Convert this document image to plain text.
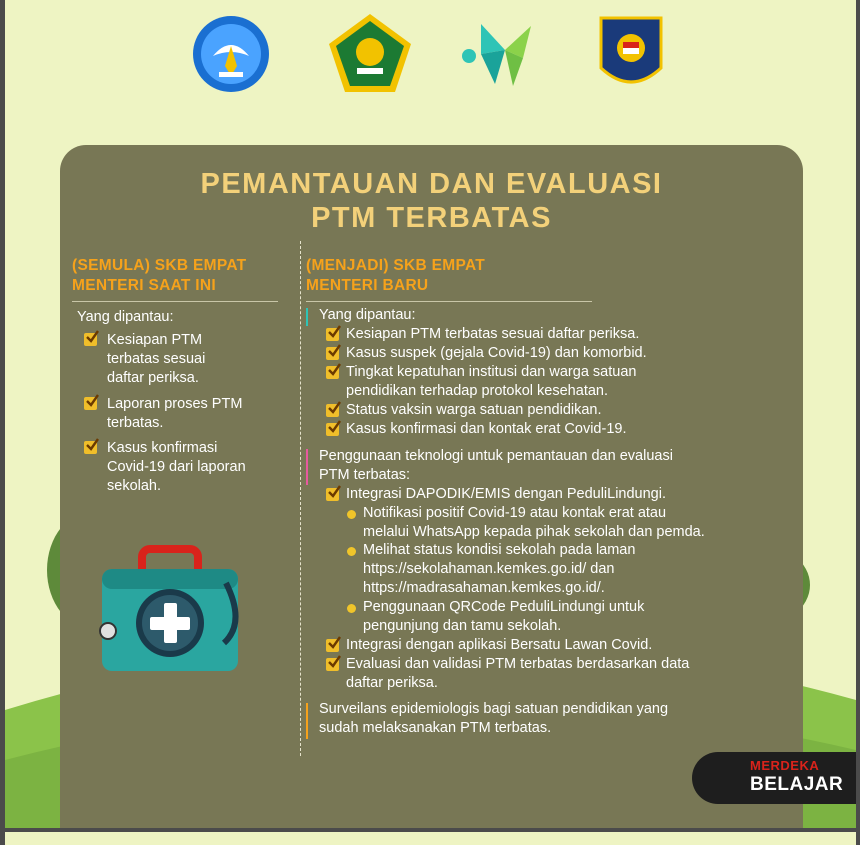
PEMANTAUAN DAN EVALUASI
PTM TERBATAS
(SEMULA) SKB EMPAT
MENTERI SAAT INI
Yang dipantau:
Kesiapan PTM
terbatas sesuai
daftar periksa.
Laporan proses PTM
terbatas.
Kasus konfirmasi
Covid-19 dari laporan
sekolah.
(MENJADI) SKB EMPAT
MENTERI BARU
Yang dipantau:
Kesiapan PTM terbatas sesuai daftar periksa.
Kasus suspek (gejala Covid-19) dan komorbid.
Tingkat kepatuhan institusi dan warga satuan
pendidikan terhadap protokol kesehatan.
Status vaksin warga satuan pendidikan.
Kasus konfirmasi dan kontak erat Covid-19.
Penggunaan teknologi untuk pemantauan dan evaluasi
PTM terbatas:
Integrasi DAPODIK/EMIS dengan PeduliLindungi.
Notifikasi positif Covid-19 atau kontak erat atau
melalui WhatsApp kepada pihak sekolah dan pemda.
Melihat status kondisi sekolah pada laman
https://sekolahaman.kemkes.go.id/ dan
https://madrasahaman.kemkes.go.id/.
Penggunaan QRCode PeduliLindungi untuk
pengunjung dan tamu sekolah.
Integrasi dengan aplikasi Bersatu Lawan Covid.
Evaluasi dan validasi PTM terbatas berdasarkan data
daftar periksa.
Surveilans epidemiologis bagi satuan pendidikan yang
sudah melaksanakan PTM terbatas.
MERDEKA
BELAJAR
